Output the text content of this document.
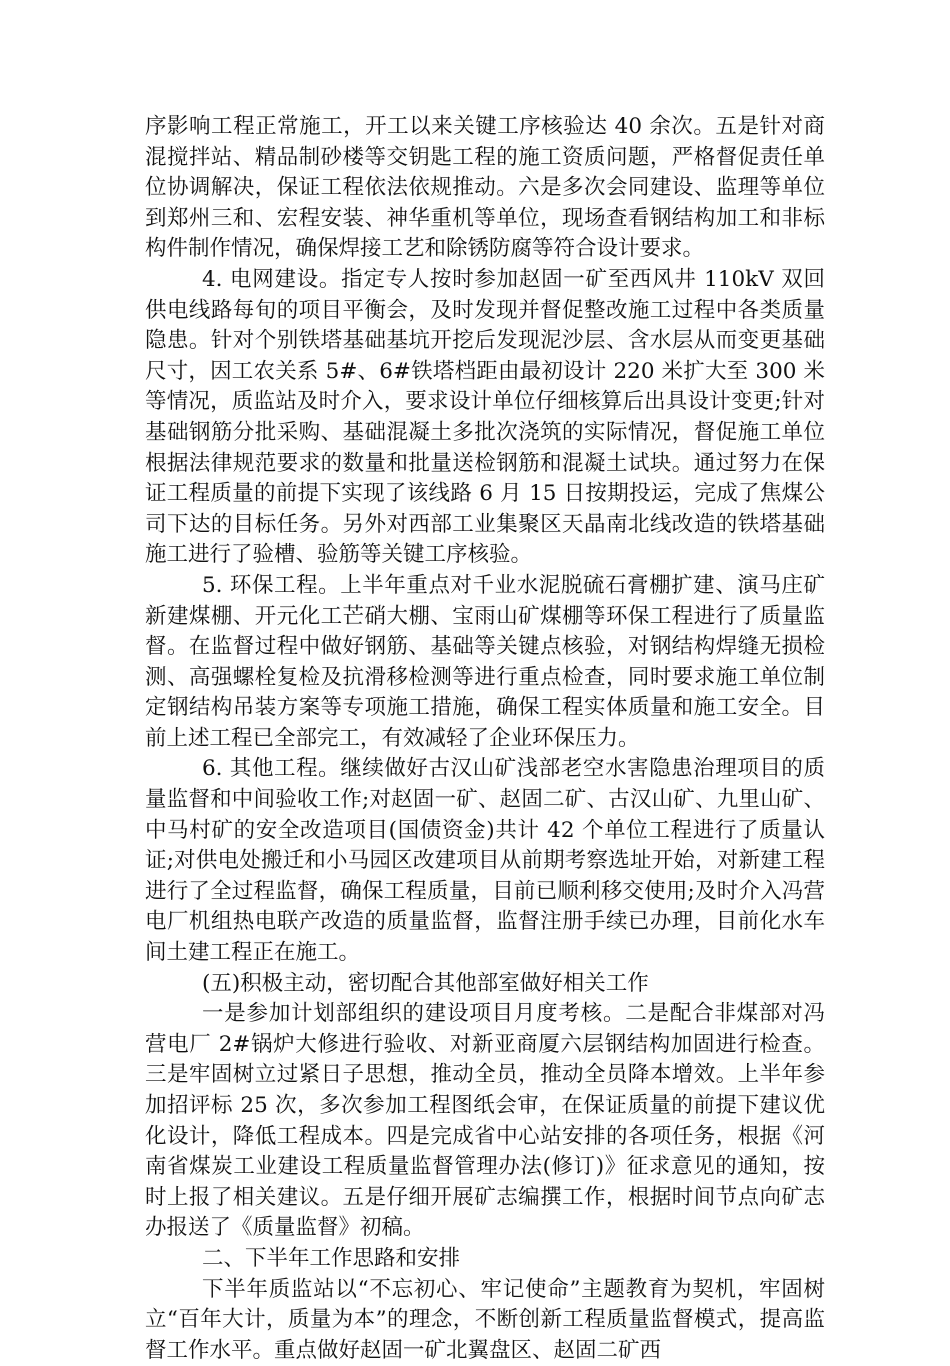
序影响工程正常施工，开工以来关键工序核验达 40 余次。五是针对商混搅拌站、精品制砂楼等交钥匙工程的施工资质问题，严格督促责任单位协调解决，保证工程依法依规推动。六是多次会同建设、监理等单位到郑州三和、宏程安装、神华重机等单位，现场查看钢结构加工和非标构件制作情况，确保焊接工艺和除锈防腐等符合设计要求。

4. 电网建设。指定专人按时参加赵固一矿至西风井 110kV 双回供电线路每旬的项目平衡会，及时发现并督促整改施工过程中各类质量隐患。针对个别铁塔基础基坑开挖后发现泥沙层、含水层从而变更基础尺寸，因工农关系 5#、6#铁塔档距由最初设计 220 米扩大至 300 米等情况，质监站及时介入，要求设计单位仔细核算后出具设计变更;针对基础钢筋分批采购、基础混凝土多批次浇筑的实际情况，督促施工单位根据法律规范要求的数量和批量送检钢筋和混凝土试块。通过努力在保证工程质量的前提下实现了该线路 6 月 15 日按期投运，完成了焦煤公司下达的目标任务。另外对西部工业集聚区天晶南北线改造的铁塔基础施工进行了验槽、验筋等关键工序核验。

5. 环保工程。上半年重点对千业水泥脱硫石膏棚扩建、演马庄矿新建煤棚、开元化工芒硝大棚、宝雨山矿煤棚等环保工程进行了质量监督。在监督过程中做好钢筋、基础等关键点核验，对钢结构焊缝无损检测、高强螺栓复检及抗滑移检测等进行重点检查，同时要求施工单位制定钢结构吊装方案等专项施工措施，确保工程实体质量和施工安全。目前上述工程已全部完工，有效减轻了企业环保压力。

6. 其他工程。继续做好古汉山矿浅部老空水害隐患治理项目的质量监督和中间验收工作;对赵固一矿、赵固二矿、古汉山矿、九里山矿、中马村矿的安全改造项目(国债资金)共计 42 个单位工程进行了质量认证;对供电处搬迁和小马园区改建项目从前期考察选址开始，对新建工程进行了全过程监督，确保工程质量，目前已顺利移交使用;及时介入冯营电厂机组热电联产改造的质量监督，监督注册手续已办理，目前化水车间土建工程正在施工。

(五)积极主动，密切配合其他部室做好相关工作

一是参加计划部组织的建设项目月度考核。二是配合非煤部对冯营电厂 2#锅炉大修进行验收、对新亚商厦六层钢结构加固进行检查。三是牢固树立过紧日子思想，推动全员，推动全员降本增效。上半年参加招评标 25 次，多次参加工程图纸会审，在保证质量的前提下建议优化设计，降低工程成本。四是完成省中心站安排的各项任务，根据《河南省煤炭工业建设工程质量监督管理办法(修订)》征求意见的通知，按时上报了相关建议。五是仔细开展矿志编撰工作，根据时间节点向矿志办报送了《质量监督》初稿。

二、下半年工作思路和安排

下半年质监站以“不忘初心、牢记使命”主题教育为契机，牢固树立“百年大计，质量为本”的理念，不断创新工程质量监督模式，提高监督工作水平。重点做好赵固一矿北翼盘区、赵固二矿西
